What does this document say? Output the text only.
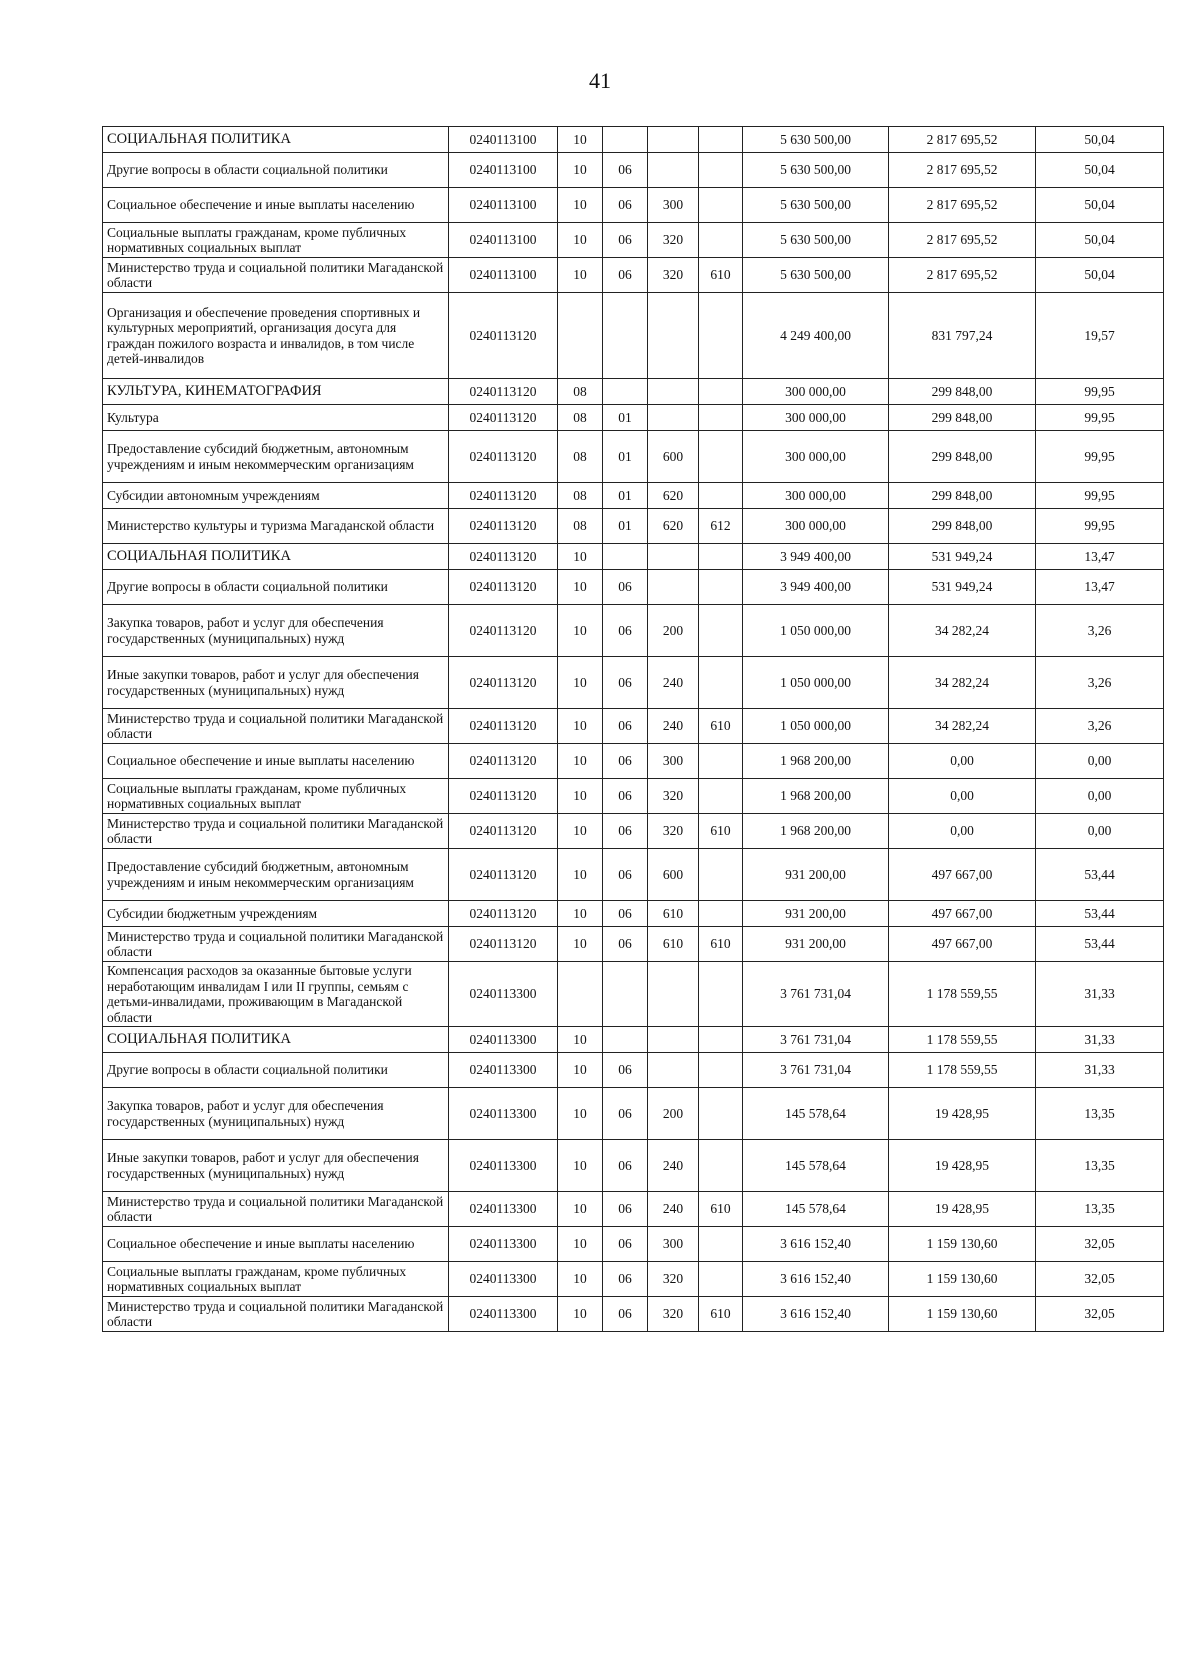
41
СОЦИАЛЬНАЯ ПОЛИТИКА	0240113100	10				5 630 500,00	2 817 695,52	50,04
Другие вопросы в области социальной политики	0240113100	10	06			5 630 500,00	2 817 695,52	50,04
Социальное обеспечение и иные выплаты населению	0240113100	10	06	300		5 630 500,00	2 817 695,52	50,04
Социальные выплаты гражданам, кроме публичных нормативных социальных выплат	0240113100	10	06	320		5 630 500,00	2 817 695,52	50,04
Министерство труда и социальной политики Магаданской области	0240113100	10	06	320	610	5 630 500,00	2 817 695,52	50,04
Организация и обеспечение проведения спортивных и культурных мероприятий, организация досуга для граждан пожилого возраста и инвалидов, в том числе детей-инвалидов	0240113120					4 249 400,00	831 797,24	19,57
КУЛЬТУРА, КИНЕМАТОГРАФИЯ	0240113120	08				300 000,00	299 848,00	99,95
Культура	0240113120	08	01			300 000,00	299 848,00	99,95
Предоставление субсидий бюджетным, автономным учреждениям и иным некоммерческим организациям	0240113120	08	01	600		300 000,00	299 848,00	99,95
Субсидии автономным учреждениям	0240113120	08	01	620		300 000,00	299 848,00	99,95
Министерство культуры и туризма Магаданской области	0240113120	08	01	620	612	300 000,00	299 848,00	99,95
СОЦИАЛЬНАЯ ПОЛИТИКА	0240113120	10				3 949 400,00	531 949,24	13,47
Другие вопросы в области социальной политики	0240113120	10	06			3 949 400,00	531 949,24	13,47
Закупка товаров, работ и услуг для обеспечения государственных (муниципальных) нужд	0240113120	10	06	200		1 050 000,00	34 282,24	3,26
Иные закупки товаров, работ и услуг для обеспечения государственных (муниципальных) нужд	0240113120	10	06	240		1 050 000,00	34 282,24	3,26
Министерство труда и социальной политики Магаданской области	0240113120	10	06	240	610	1 050 000,00	34 282,24	3,26
Социальное обеспечение и иные выплаты населению	0240113120	10	06	300		1 968 200,00	0,00	0,00
Социальные выплаты гражданам, кроме публичных нормативных социальных выплат	0240113120	10	06	320		1 968 200,00	0,00	0,00
Министерство труда и социальной политики Магаданской области	0240113120	10	06	320	610	1 968 200,00	0,00	0,00
Предоставление субсидий бюджетным, автономным учреждениям и иным некоммерческим организациям	0240113120	10	06	600		931 200,00	497 667,00	53,44
Субсидии бюджетным учреждениям	0240113120	10	06	610		931 200,00	497 667,00	53,44
Министерство труда и социальной политики Магаданской области	0240113120	10	06	610	610	931 200,00	497 667,00	53,44
Компенсация расходов за оказанные бытовые услуги неработающим инвалидам I или II группы, семьям с детьми-инвалидами, проживающим в Магаданской области	0240113300					3 761 731,04	1 178 559,55	31,33
СОЦИАЛЬНАЯ ПОЛИТИКА	0240113300	10				3 761 731,04	1 178 559,55	31,33
Другие вопросы в области социальной политики	0240113300	10	06			3 761 731,04	1 178 559,55	31,33
Закупка товаров, работ и услуг для обеспечения государственных (муниципальных) нужд	0240113300	10	06	200		145 578,64	19 428,95	13,35
Иные закупки товаров, работ и услуг для обеспечения государственных (муниципальных) нужд	0240113300	10	06	240		145 578,64	19 428,95	13,35
Министерство труда и социальной политики Магаданской области	0240113300	10	06	240	610	145 578,64	19 428,95	13,35
Социальное обеспечение и иные выплаты населению	0240113300	10	06	300		3 616 152,40	1 159 130,60	32,05
Социальные выплаты гражданам, кроме публичных нормативных социальных выплат	0240113300	10	06	320		3 616 152,40	1 159 130,60	32,05
Министерство труда и социальной политики Магаданской области	0240113300	10	06	320	610	3 616 152,40	1 159 130,60	32,05
